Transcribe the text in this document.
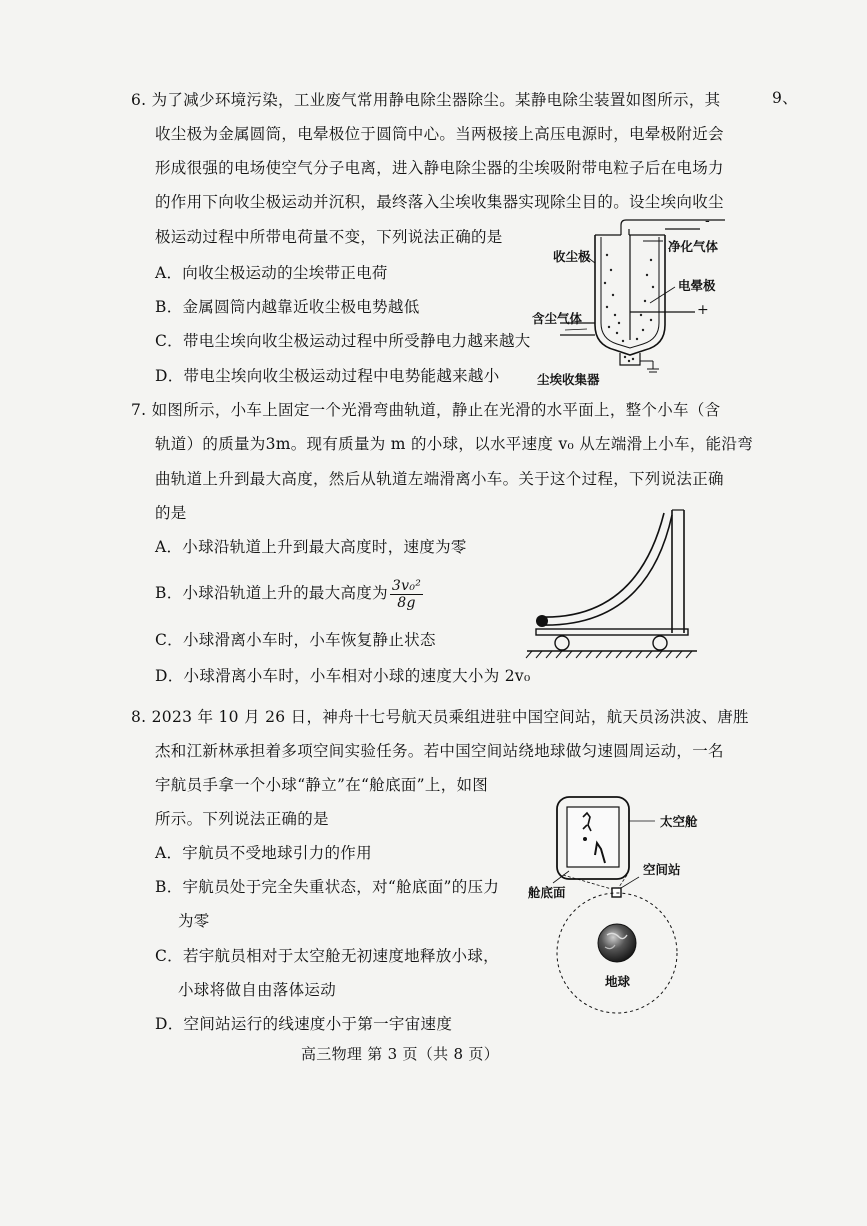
9、
6. 为了减少环境污染，工业废气常用静电除尘器除尘。某静电除尘装置如图所示，其
收尘极为金属圆筒，电晕极位于圆筒中心。当两极接上高压电源时，电晕极附近会
形成很强的电场使空气分子电离，进入静电除尘器的尘埃吸附带电粒子后在电场力
的作用下向收尘极运动并沉积，最终落入尘埃收集器实现除尘目的。设尘埃向收尘
极运动过程中所带电荷量不变，下列说法正确的是
A．向收尘极运动的尘埃带正电荷
B．金属圆筒内越靠近收尘极电势越低
C．带电尘埃向收尘极运动过程中所受静电力越来越大
D．带电尘埃向收尘极运动过程中电势能越来越小
收尘极
净化气体
电晕极
含尘气体
尘埃收集器
-
+
7. 如图所示，小车上固定一个光滑弯曲轨道，静止在光滑的水平面上，整个小车（含
轨道）的质量为3m。现有质量为 m 的小球，以水平速度 v₀ 从左端滑上小车，能沿弯
曲轨道上升到最大高度，然后从轨道左端滑离小车。关于这个过程，下列说法正确
的是
A．小球沿轨道上升到最大高度时，速度为零
B．小球沿轨道上升的最大高度为 $\frac{\text{3v₀²}}{8g}$
C．小球滑离小车时，小车恢复静止状态
D．小球滑离小车时，小车相对小球的速度大小为 2v₀
8. 2023 年 10 月 26 日，神舟十七号航天员乘组进驻中国空间站，航天员汤洪波、唐胜
杰和江新林承担着多项空间实验任务。若中国空间站绕地球做匀速圆周运动，一名
宇航员手拿一个小球“静立”在“舱底面”上，如图
所示。下列说法正确的是
A．宇航员不受地球引力的作用
B．宇航员处于完全失重状态，对“舱底面”的压力
为零
C．若宇航员相对于太空舱无初速度地释放小球，
小球将做自由落体运动
D．空间站运行的线速度小于第一宇宙速度
太空舱
空间站
舱底面
地球
高三物理 第 3 页（共 8 页）
